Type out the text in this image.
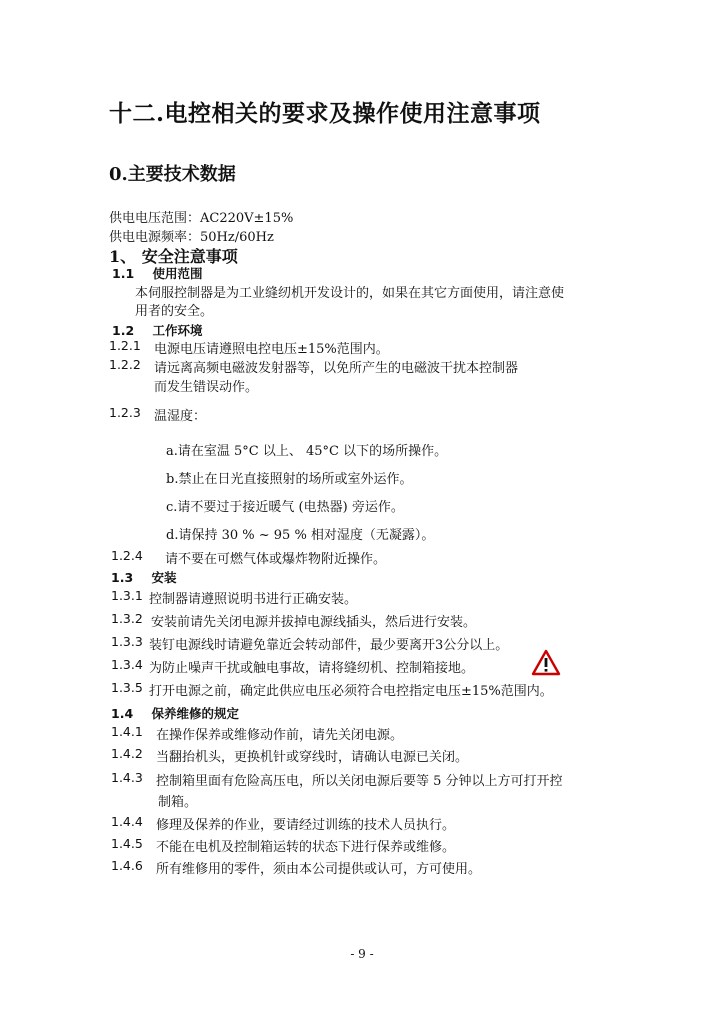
十二.电控相关的要求及操作使用注意事项
0.主要技术数据
供电电压范围：AC220V±15%
供电电源频率：50Hz/60Hz
1、 安全注意事项
1.1 使用范围
本伺服控制器是为工业缝纫机开发设计的，如果在其它方面使用，请注意使
用者的安全。
1.2 工作环境
1.2.1 电源电压请遵照电控电压±15%范围内。
1.2.2 请远离高频电磁波发射器等，以免所产生的电磁波干扰本控制器
而发生错误动作。
1.2.3 温湿度：
a.请在室温 5°C 以上、 45°C 以下的场所操作。
b.禁止在日光直接照射的场所或室外运作。
c.请不要过于接近暖气 (电热器) 旁运作。
d.请保持 30 % ~ 95 % 相对湿度（无凝露）。
1.2.4 请不要在可燃气体或爆炸物附近操作。
1.3 安装
1.3.1 控制器请遵照说明书进行正确安装。
1.3.2 安装前请先关闭电源并拔掉电源线插头，然后进行安装。
1.3.3 装钉电源线时请避免靠近会转动部件，最少要离开3公分以上。
1.3.4 为防止噪声干扰或触电事故，请将缝纫机、控制箱接地。
1.3.5 打开电源之前，确定此供应电压必须符合电控指定电压±15%范围内。
1.4 保养维修的规定
1.4.1 在操作保养或维修动作前，请先关闭电源。
1.4.2 当翻抬机头，更换机针或穿线时，请确认电源已关闭。
1.4.3 控制箱里面有危险高压电，所以关闭电源后要等 5 分钟以上方可打开控
制箱。
1.4.4 修理及保养的作业，要请经过训练的技术人员执行。
1.4.5 不能在电机及控制箱运转的状态下进行保养或维修。
1.4.6 所有维修用的零件，须由本公司提供或认可，方可使用。
- 9 -
